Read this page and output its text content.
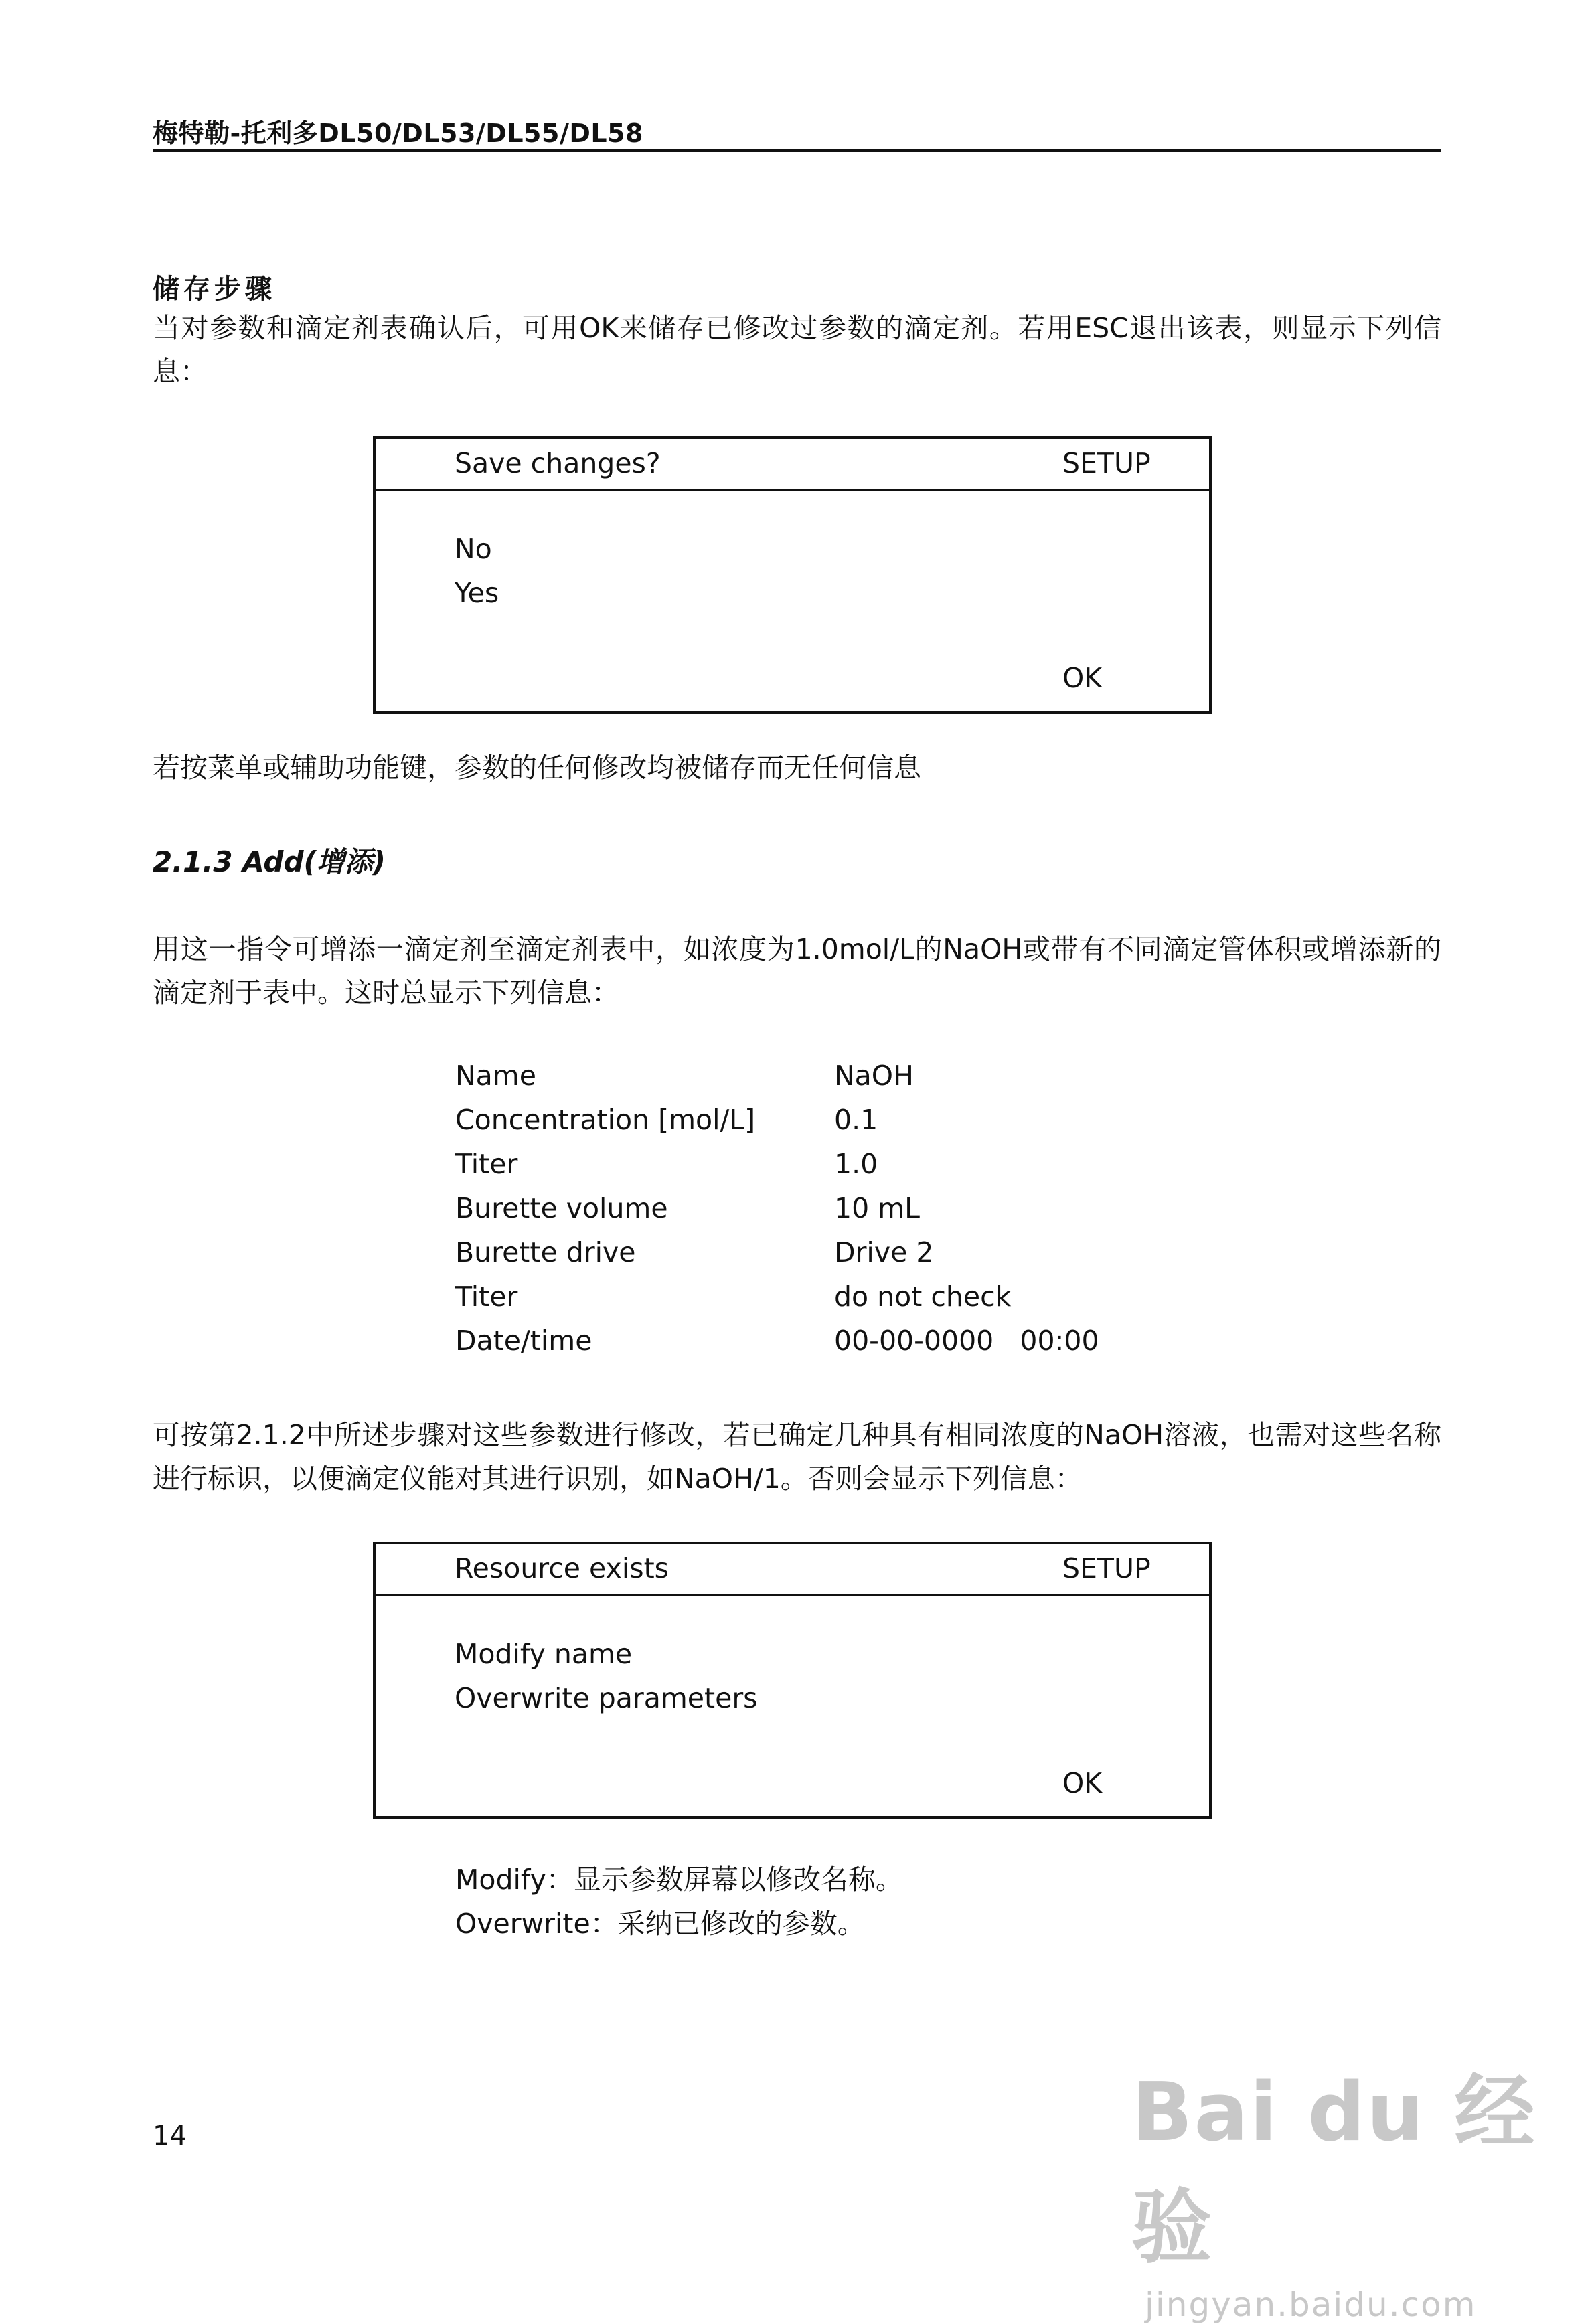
梅特勒-托利多DL50/DL53/DL55/DL58
储存步骤
当对参数和滴定剂表确认后，可用OK来储存已修改过参数的滴定剂。若用ESC退出该表，则显示下列信息：
Save changes?	SETUP
No
Yes
OK
若按菜单或辅助功能键，参数的任何修改均被储存而无任何信息
2.1.3 Add(增添)
用这一指令可增添一滴定剂至滴定剂表中，如浓度为1.0mol/L的NaOH或带有不同滴定管体积或增添新的滴定剂于表中。这时总显示下列信息：
Name	NaOH
Concentration [mol/L]	0.1
Titer	1.0
Burette volume	10 mL
Burette drive	Drive 2
Titer	do not check
Date/time	00-00-0000   00:00
可按第2.1.2中所述步骤对这些参数进行修改，若已确定几种具有相同浓度的NaOH溶液，也需对这些名称进行标识，以便滴定仪能对其进行识别，如NaOH/1。否则会显示下列信息：
Resource exists	SETUP
Modify name
Overwrite parameters
OK
Modify：显示参数屏幕以修改名称。
Overwrite：采纳已修改的参数。
14	Bai du 经验
jingyan.baidu.com
